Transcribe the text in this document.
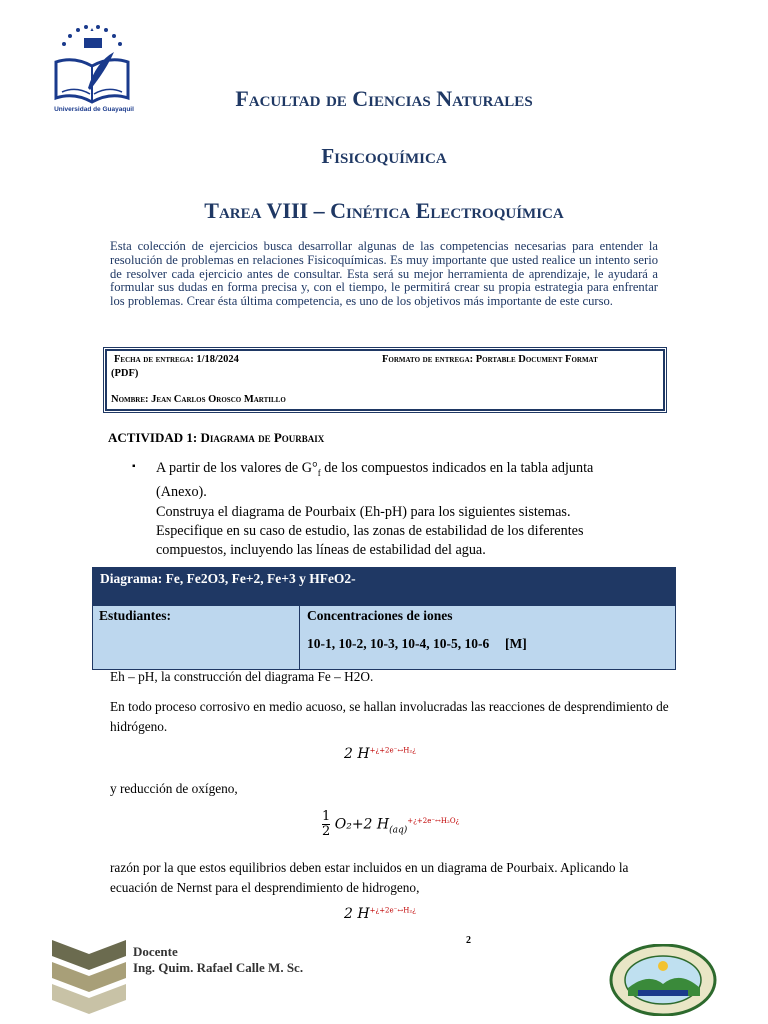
Universidad de Guayaquil	Facultad de Ciencias Naturales
Fisicoquímica
Tarea VIII – Cinética Electroquímica
Esta colección de ejercicios busca desarrollar algunas de las competencias necesarias para entender la resolución de problemas en relaciones Fisicoquímicas. Es muy importante que usted realice un intento serio de resolver cada ejercicio antes de consultar. Esta será su mejor herramienta de aprendizaje, le ayudará a formular sus dudas en forma precisa y, con el tiempo, le permitirá crear su propia estrategia para enfrentar los problemas. Crear ésta última competencia, es uno de los objetivos más importante de este curso.
Fecha de entrega: 1/18/2024	Formato de entrega: Portable Document Format
(PDF)
Nombre: Jean Carlos Orosco Martillo
ACTIVIDAD 1: Diagrama de Pourbaix
▪ A partir de los valores de $G^\circ_f$ de los compuestos indicados en la tabla adjunta
(Anexo).
Construya el diagrama de Pourbaix (Eh-pH) para los siguientes sistemas.
Especifique en su caso de estudio, las zonas de estabilidad de los diferentes
compuestos, incluyendo las líneas de estabilidad del agua.
Diagrama: Fe, Fe2O3, Fe+2, Fe+3 y HFeO2-
Estudiantes:	Concentraciones de iones
10-1, 10-2, 10-3, 10-4, 10-5, 10-6 [M]
Eh – pH, la construcción del diagrama Fe – H2O.
En todo proceso corrosivo en medio acuoso, se hallan involucradas las reacciones de desprendimiento de hidrógeno.
2 $H^{+¿+2e^-\leftrightarrow H_2¿}$
y reducción de oxígeno,
$\frac{1}{2} O_2+2$ $H_{(aq)}^{+¿+2e^-\leftrightarrow H_2O¿}$
razón por la que estos equilibrios deben estar incluidos en un diagrama de Pourbaix. Aplicando la ecuación de Nernst para el desprendimiento de hidrogeno,
2 $H^{+¿+2e^-\leftrightarrow H_2¿}$
2
Docente
Ing. Quim. Rafael Calle M. Sc.
